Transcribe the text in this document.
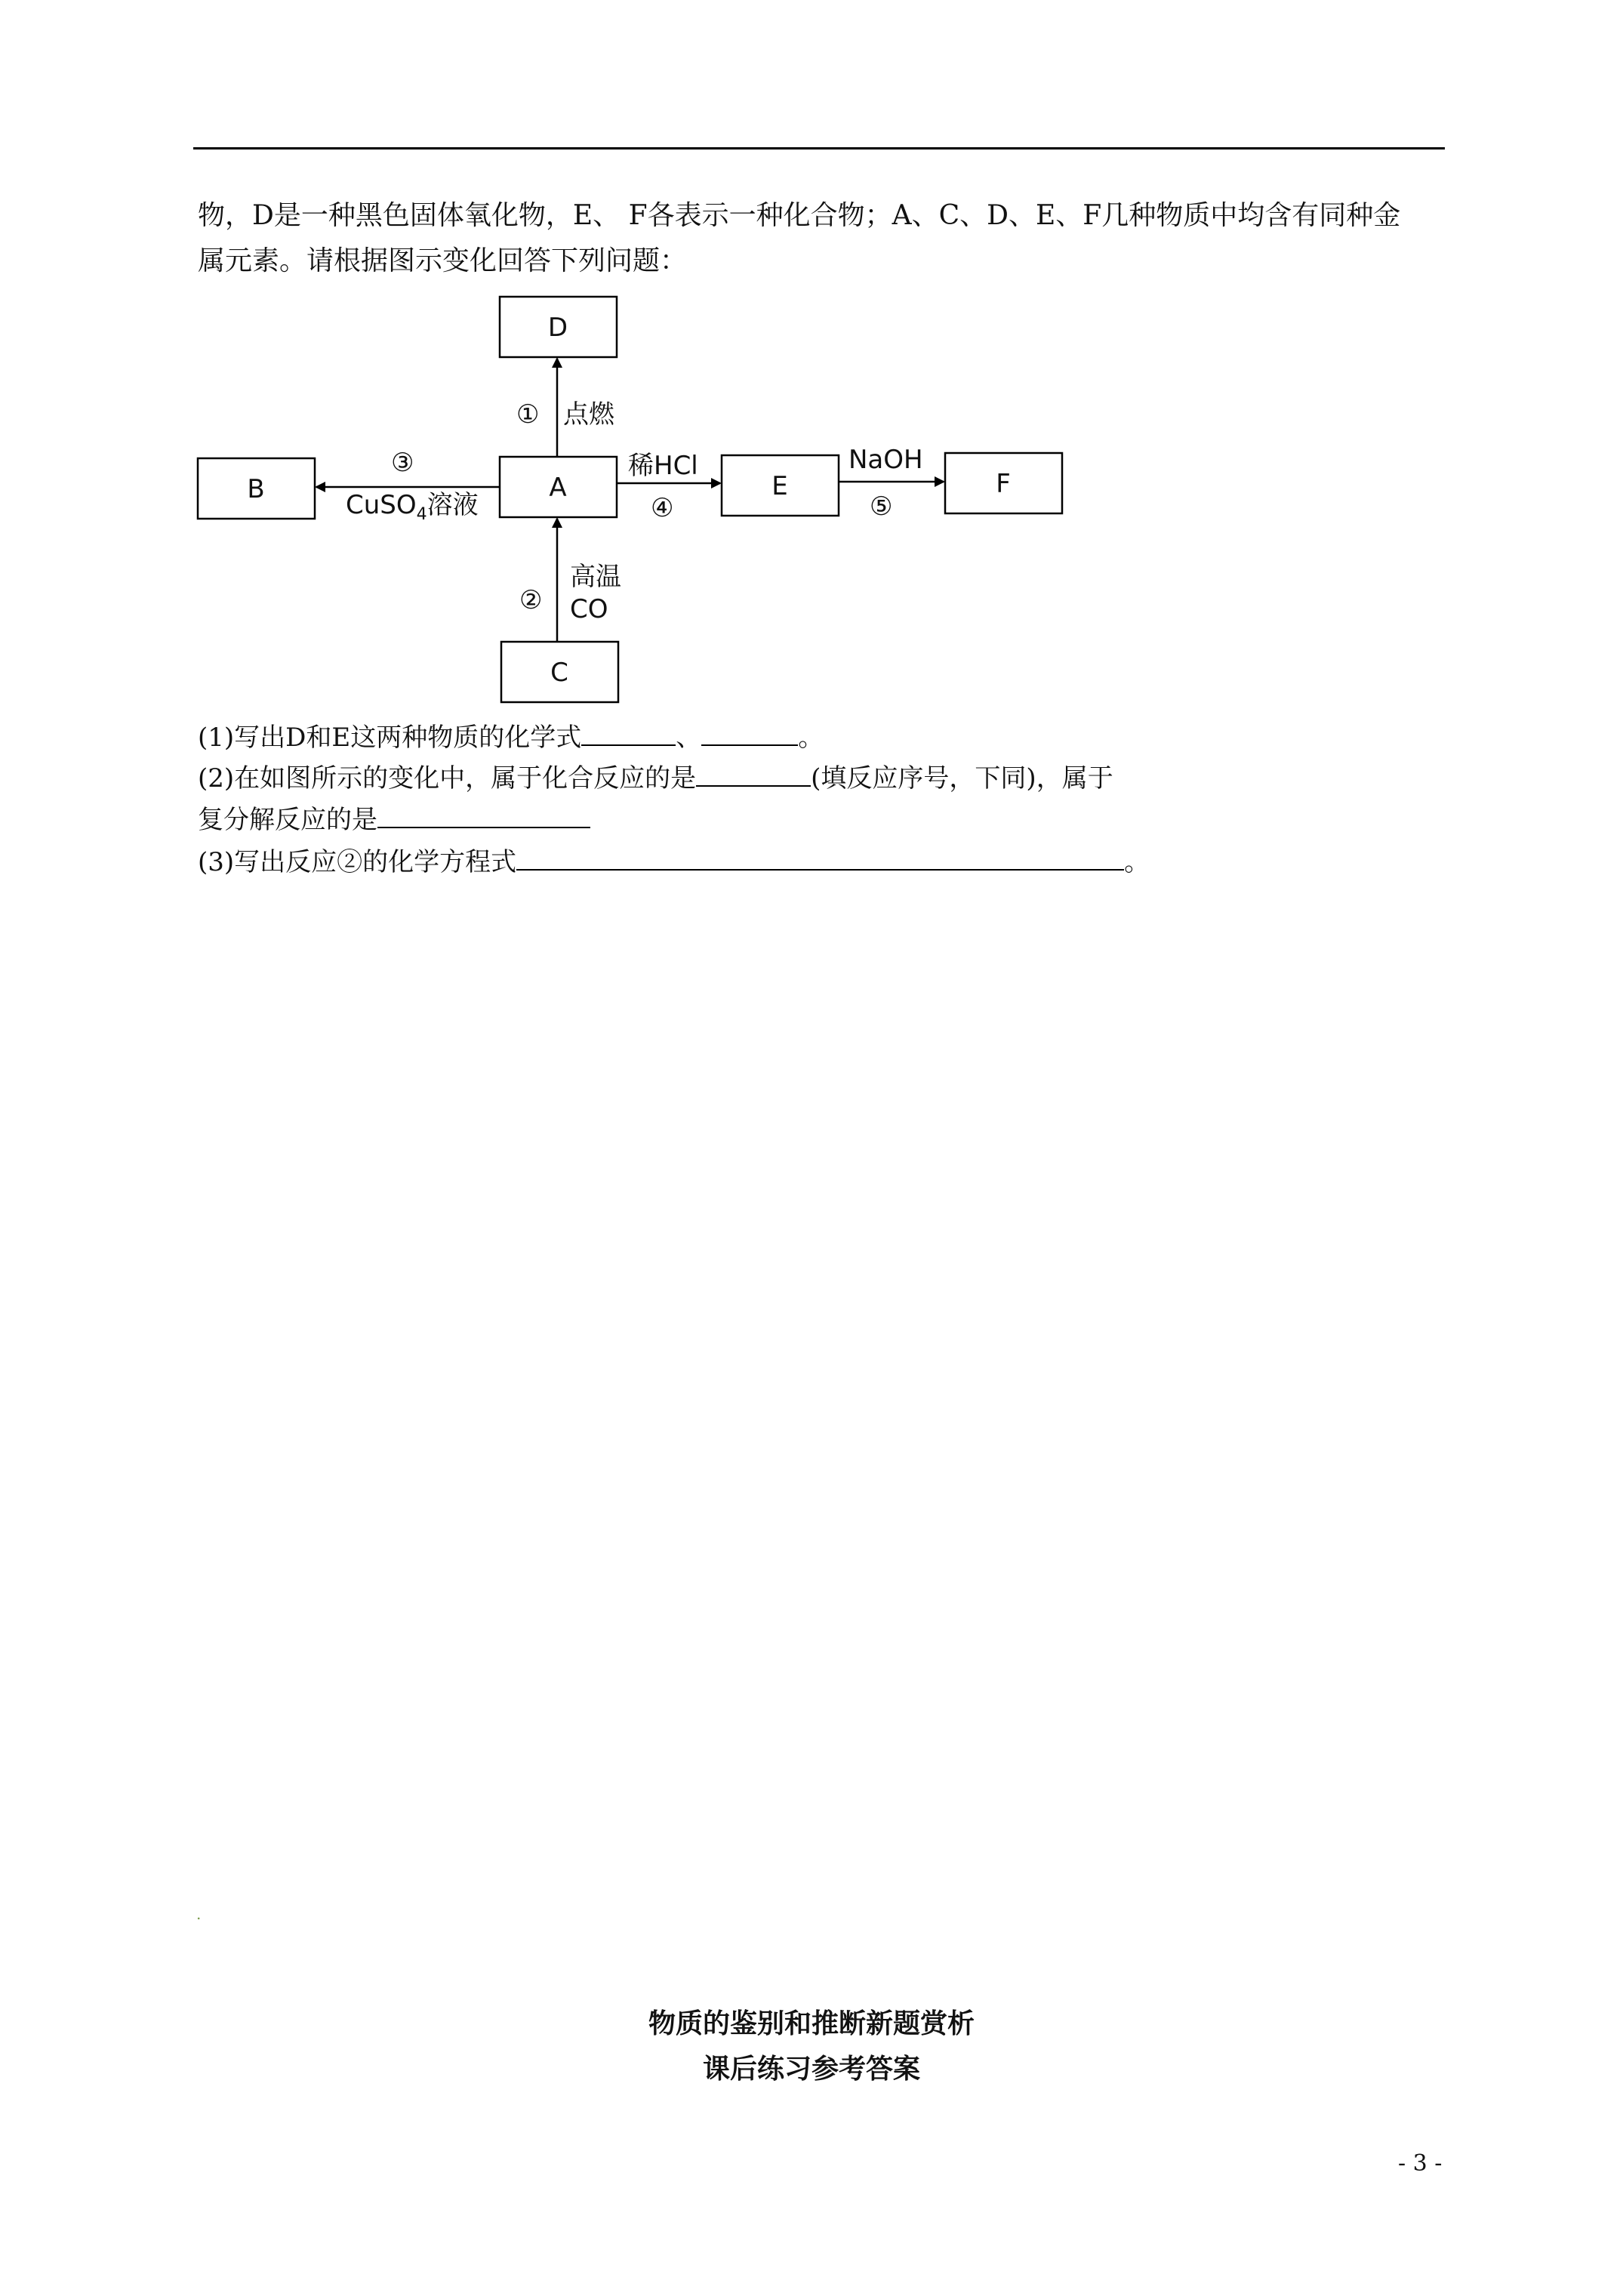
物，D是一种黑色固体氧化物，E、 F各表示一种化合物；A、C、D、E、F几种物质中均含有同种金
属元素。请根据图示变化回答下列问题：
D
A
B	E	F
C
① 点燃
②
高温
CO
③
CuSO$_4$溶液
稀HCl
④
NaOH
⑤
(1)写出D和E这两种物质的化学式	、	。
(2)在如图所示的变化中，属于化合反应的是	(填反应序号，下同)，属于
复分解反应的是
(3)写出反应②的化学方程式	。
.
物质的鉴别和推断新题赏析
课后练习参考答案
- 3 -
